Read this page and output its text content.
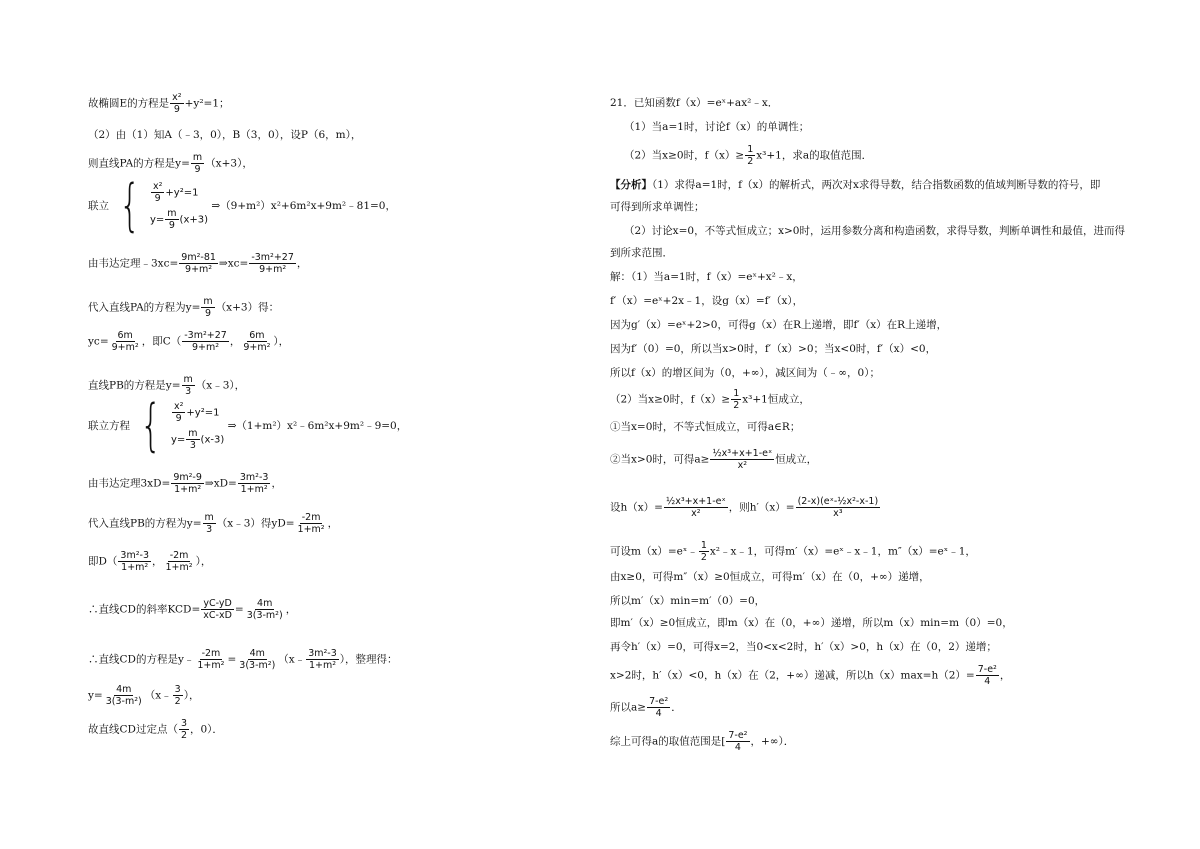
故椭圆E的方程是 $\frac{\text{x²}}{9} +y^2=1$；
（2）由（1）知A（﹣3，0），B（3，0），设P（6，m），
则直线PA的方程是$y= \frac{m}{9} (x+3)$，
联立 { $\frac{\text{x²}}{9} +y^2=1$
$y= \frac{m}{9} (x+3)$
⇒（9+m²）x²+6m²x+9m²﹣81=0，
由韦达定理﹣3xc= $\frac{\text{9m²-81}}{\text{9+m²}}$ ⇒xc= $\frac{\text{-3m²+27}}{\text{9+m²}}$ ，
代入直线PA的方程为$y= \frac{m}{9} (x+3)$得：
$yc= \frac{6m}{\text{9+m²}}$ ，即$C( \frac{\text{-3m²+27}}{\text{9+m²}}$ ， $\frac{6m}{\text{9+m²}}$ ），
直线PB的方程是$y= \frac{m}{3}$ （x﹣3），
联立方程 { $\frac{\text{x²}}{9} +y^2=1$
$y= \frac{m}{3} (x-3)$
⇒（1+m²）x²﹣6m²x+9m²﹣9=0，
由韦达定理$3xD= \frac{\text{9m²-9}}{\text{1+m²}}$ ⇒xD= $\frac{\text{3m²-3}}{\text{1+m²}}$ ，
代入直线PB的方程为$y= \frac{m}{3}$ （x﹣3）得$yD= \frac{-2m}{\text{1+m²}}$ ，
即$D( \frac{\text{3m²-3}}{\text{1+m²}}$ ， $\frac{-2m}{\text{1+m²}}$ ），
∴直线CD的斜率$KCD= \frac{yC-yD}{xC-xD} = \frac{4m}{\text{3(3-m²)}}$ ，
∴直线CD的方程是y﹣ $\frac{-2m}{\text{1+m²}} = \frac{4m}{\text{3(3-m²)}}$ （x﹣ $\frac{\text{3m²-3}}{\text{1+m²}}$ ），整理得：
$y= \frac{4m}{\text{3(3-m²)}}$ （x﹣ $\frac{3}{2}$ ），
故直线CD过定点（ $\frac{3}{2}$ ，0）．
21．已知函数f（x）=eˣ+ax²﹣x．
（1）当a=1时，讨论f（x）的单调性；
（2）当x≥0时，$f(x)\ge \frac{1}{2} x^3+1$，求a的取值范围．
【分析】（1）求得a=1时，f（x）的解析式，两次对x求得导数，结合指数函数的值域判断导数的符号，即
可得到所求单调性；
（2）讨论x=0，不等式恒成立；x>0时，运用参数分离和构造函数，求得导数，判断单调性和最值，进而得
到所求范围．
解：（1）当a=1时，f（x）=eˣ+x²﹣x，
f′（x）=eˣ+2x﹣1，设g（x）=f′（x），
因为g′（x）=eˣ+2>0，可得g（x）在R上递增，即f′（x）在R上递增，
因为f′（0）=0，所以当x>0时，f′（x）>0；当x<0时，f′（x）<0，
所以f（x）的增区间为（0，+∞），减区间为（﹣∞，0）；
（2）当x≥0时，$f(x)\ge \frac{1}{2} x^3+1$恒成立，
①当x=0时，不等式恒成立，可得a∈R；
②当x>0时，可得$a\ge \frac{\text{½x³+x+1-eˣ}}{\text{x²}}$ 恒成立，
设$h(x)= \frac{\text{½x³+x+1-eˣ}}{\text{x²}}$ ，则$h'(x)= \frac{\text{(2-x)(eˣ-½x²-x-1)}}{\text{x³}}$
可设m（x）=eˣ﹣ $\frac{1}{2}$ x²﹣x﹣1，可得m′（x）=eˣ﹣x﹣1，m″（x）=eˣ﹣1，
由x≥0，可得m″（x）≥0恒成立，可得m′（x）在（0，+∞）递增，
所以m′（x）min=m′（0）=0，
即m′（x）≥0恒成立，即m（x）在（0，+∞）递增，所以m（x）min=m（0）=0，
再令h′（x）=0，可得x=2，当0<x<2时，h′（x）>0，h（x）在（0，2）递增；
x>2时，h′（x）<0，h（x）在（2，+∞）递减，所以$h(x)\max=h(2)= \frac{\text{7-e²}}{4}$ ，
所以$a\ge \frac{\text{7-e²}}{4}$ ．
综上可得a的取值范围是[ $\frac{\text{7-e²}}{4}$ ，+∞）．
